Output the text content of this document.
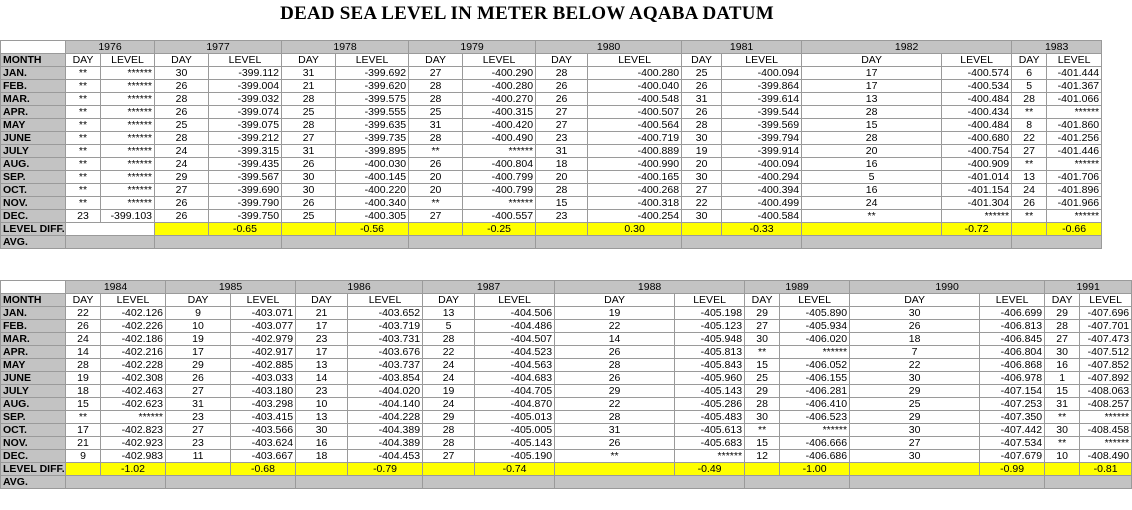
DEAD SEA LEVEL IN METER BELOW AQABA DATUM
	1976		1977		1978		1979		1980		1981		1982		1983	
MONTH	DAY	LEVEL	DAY	LEVEL	DAY	LEVEL	DAY	LEVEL	DAY	LEVEL	DAY	LEVEL	DAY	LEVEL	DAY	LEVEL
JAN.	**	******	30	-399.112	31	-399.692	27	-400.290	28	-400.280	25	-400.094	17	-400.574	6	-401.444
FEB.	**	******	26	-399.004	21	-399.620	28	-400.280	26	-400.040	26	-399.864	17	-400.534	5	-401.367
MAR.	**	******	28	-399.032	28	-399.575	28	-400.270	26	-400.548	31	-399.614	13	-400.484	28	-401.066
APR.	**	******	26	-399.074	25	-399.555	25	-400.315	27	-400.507	26	-399.544	28	-400.434	**	******
MAY	**	******	25	-399.075	28	-399.635	31	-400.420	27	-400.564	28	-399.569	15	-400.484	8	-401.860
JUNE	**	******	28	-399.212	27	-399.735	28	-400.490	23	-400.719	30	-399.794	28	-400.680	22	-401.256
JULY	**	******	24	-399.315	31	-399.895	**	******	31	-400.889	19	-399.914	20	-400.754	27	-401.446
AUG.	**	******	24	-399.435	26	-400.030	26	-400.804	18	-400.990	20	-400.094	16	-400.909	**	******
SEP.	**	******	29	-399.567	30	-400.145	20	-400.799	20	-400.165	30	-400.294	5	-401.014	13	-401.706
OCT.	**	******	27	-399.690	30	-400.220	20	-400.799	28	-400.268	27	-400.394	16	-401.154	24	-401.896
NOV.	**	******	26	-399.790	26	-400.340	**	******	15	-400.318	22	-400.499	24	-401.304	26	-401.966
DEC.	23	-399.103	26	-399.750	25	-400.305	27	-400.557	23	-400.254	30	-400.584	**	******	**	******
LEVEL DIFF.				-0.65		-0.56		-0.25		0.30		-0.33		-0.72		-0.66
AVG.																
	1984		1985		1986		1987		1988		1989		1990		1991	
MONTH	DAY	LEVEL	DAY	LEVEL	DAY	LEVEL	DAY	LEVEL	DAY	LEVEL	DAY	LEVEL	DAY	LEVEL	DAY	LEVEL
JAN.	22	-402.126	9	-403.071	21	-403.652	13	-404.506	19	-405.198	29	-405.890	30	-406.699	29	-407.696
FEB.	26	-402.226	10	-403.077	17	-403.719	5	-404.486	22	-405.123	27	-405.934	26	-406.813	28	-407.701
MAR.	24	-402.186	19	-402.979	23	-403.731	28	-404.507	14	-405.948	30	-406.020	18	-406.845	27	-407.473
APR.	14	-402.216	17	-402.917	17	-403.676	22	-404.523	26	-405.813	**	******	7	-406.804	30	-407.512
MAY	28	-402.228	29	-402.885	13	-403.737	24	-404.563	28	-405.843	15	-406.052	22	-406.868	16	-407.852
JUNE	19	-402.308	26	-403.033	14	-403.854	24	-404.683	26	-405.960	25	-406.155	30	-406.978	1	-407.892
JULY	18	-402.463	27	-403.180	23	-404.020	19	-404.705	29	-405.143	29	-406.281	29	-407.154	15	-408.063
AUG.	15	-402.623	31	-403.298	10	-404.140	24	-404.870	22	-405.286	28	-406.410	25	-407.253	31	-408.257
SEP.	**	******	23	-403.415	13	-404.228	29	-405.013	28	-405.483	30	-406.523	29	-407.350	**	******
OCT.	17	-402.823	27	-403.566	30	-404.389	28	-405.005	31	-405.613	**	******	30	-407.442	30	-408.458
NOV.	21	-402.923	23	-403.624	16	-404.389	28	-405.143	26	-405.683	15	-406.666	27	-407.534	**	******
DEC.	9	-402.983	11	-403.667	18	-404.453	27	-405.190	**	******	12	-406.686	30	-407.679	10	-408.490
LEVEL DIFF.		-1.02		-0.68		-0.79		-0.74		-0.49		-1.00		-0.99		-0.81
AVG.																
